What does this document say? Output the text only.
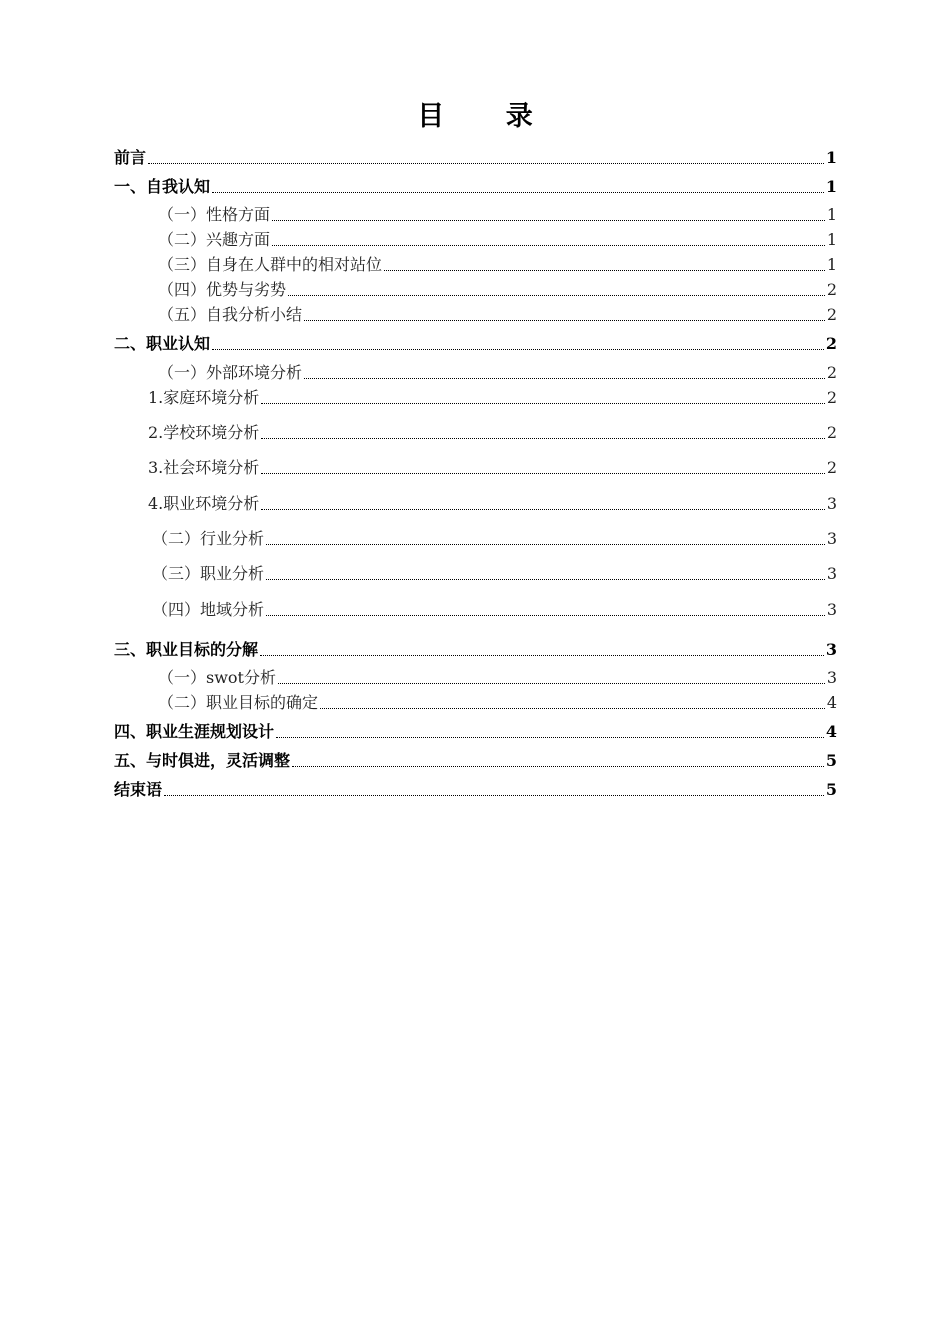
目 录
前言	1
一、自我认知	1
（一）性格方面	1
（二）兴趣方面	1
（三）自身在人群中的相对站位	1
（四）优势与劣势	2
（五）自我分析小结	2
二、职业认知	2
（一）外部环境分析	2
1.家庭环境分析	2
2.学校环境分析	2
3.社会环境分析	2
4.职业环境分析	3
（二）行业分析	3
（三）职业分析	3
（四）地域分析	3
三、职业目标的分解	3
（一）swot分析	3
（二）职业目标的确定	4
四、职业生涯规划设计	4
五、与时俱进，灵活调整	5
结束语	5
